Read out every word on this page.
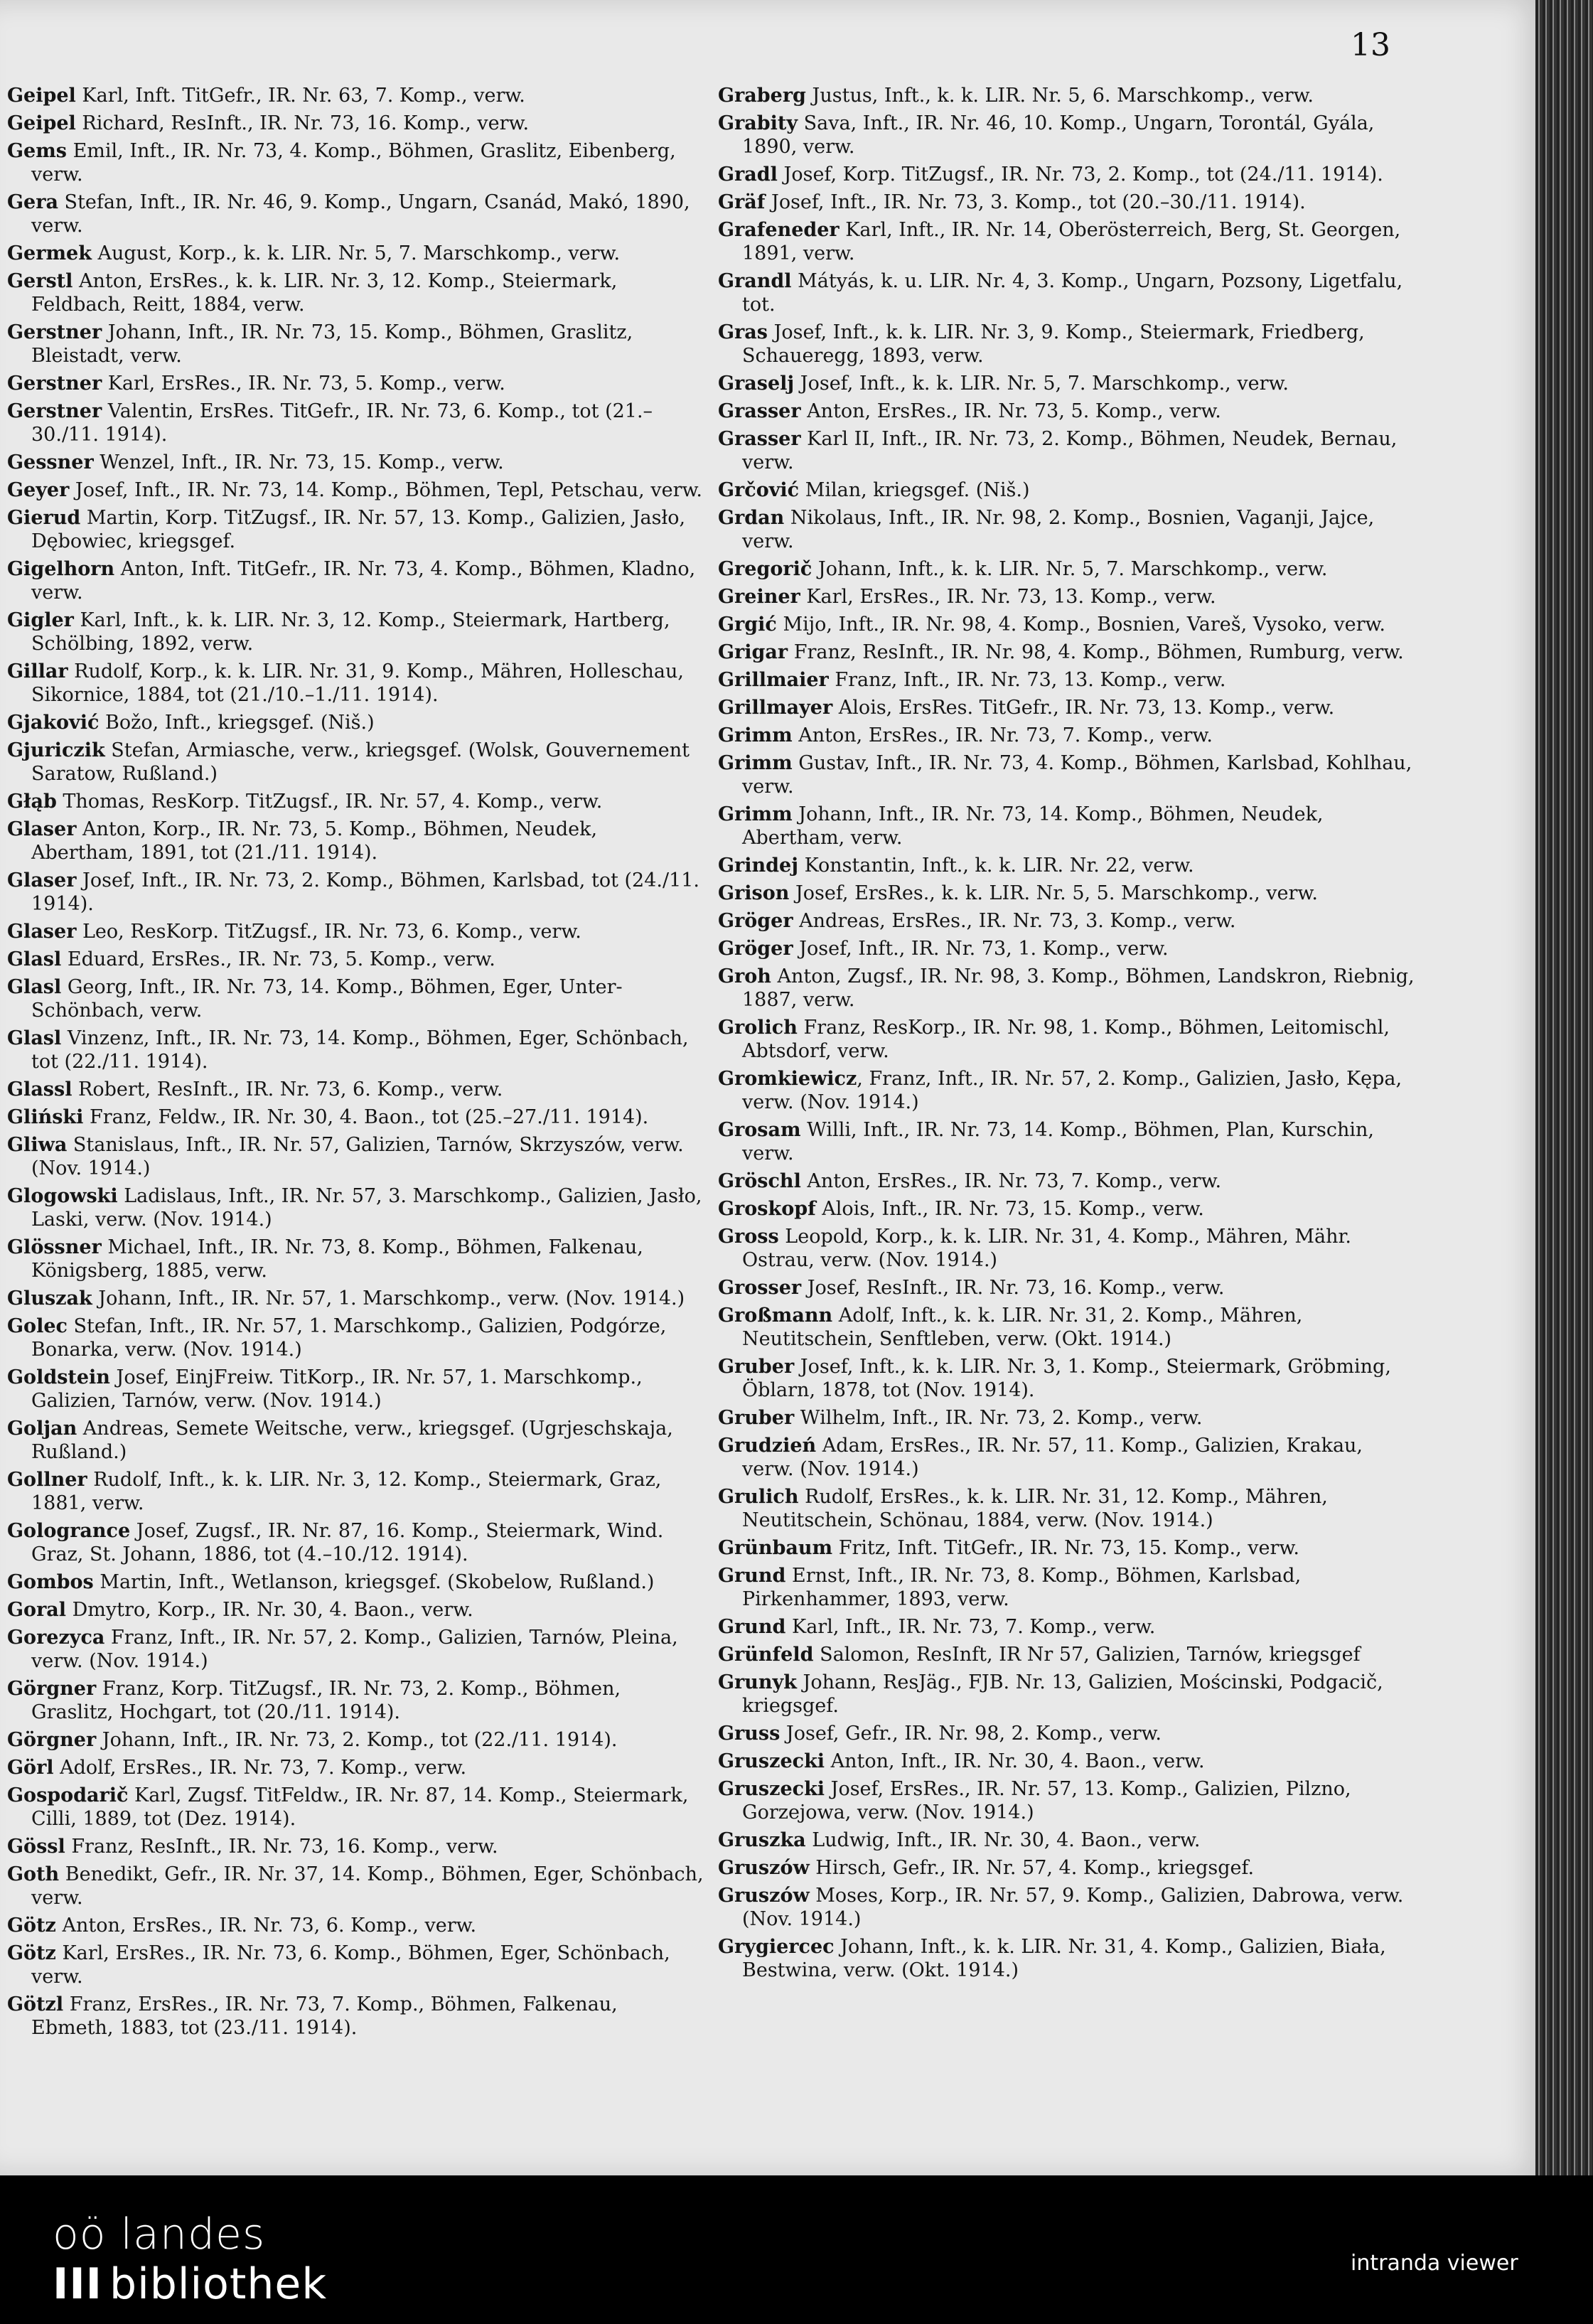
13
Geipel Karl, Inft. TitGefr., IR. Nr. 63, 7. Komp., verw.
Geipel Richard, ResInft., IR. Nr. 73, 16. Komp., verw.
Gems Emil, Inft., IR. Nr. 73, 4. Komp., Böhmen, Graslitz, Eibenberg, verw.
Gera Stefan, Inft., IR. Nr. 46, 9. Komp., Ungarn, Csanád, Makó, 1890, verw.
Germek August, Korp., k. k. LIR. Nr. 5, 7. Marschkomp., verw.
Gerstl Anton, ErsRes., k. k. LIR. Nr. 3, 12. Komp., Steiermark, Feldbach, Reitt, 1884, verw.
Gerstner Johann, Inft., IR. Nr. 73, 15. Komp., Böhmen, Graslitz, Bleistadt, verw.
Gerstner Karl, ErsRes., IR. Nr. 73, 5. Komp., verw.
Gerstner Valentin, ErsRes. TitGefr., IR. Nr. 73, 6. Komp., tot (21.–30./11. 1914).
Gessner Wenzel, Inft., IR. Nr. 73, 15. Komp., verw.
Geyer Josef, Inft., IR. Nr. 73, 14. Komp., Böhmen, Tepl, Petschau, verw.
Gierud Martin, Korp. TitZugsf., IR. Nr. 57, 13. Komp., Galizien, Jasło, Dębowiec, kriegsgef.
Gigelhorn Anton, Inft. TitGefr., IR. Nr. 73, 4. Komp., Böhmen, Kladno, verw.
Gigler Karl, Inft., k. k. LIR. Nr. 3, 12. Komp., Steiermark, Hartberg, Schölbing, 1892, verw.
Gillar Rudolf, Korp., k. k. LIR. Nr. 31, 9. Komp., Mähren, Holleschau, Sikornice, 1884, tot (21./10.–1./11. 1914).
Gjaković Božo, Inft., kriegsgef. (Niš.)
Gjuriczik Stefan, Armiasche, verw., kriegsgef. (Wolsk, Gouvernement Saratow, Rußland.)
Głąb Thomas, ResKorp. TitZugsf., IR. Nr. 57, 4. Komp., verw.
Glaser Anton, Korp., IR. Nr. 73, 5. Komp., Böhmen, Neudek, Abertham, 1891, tot (21./11. 1914).
Glaser Josef, Inft., IR. Nr. 73, 2. Komp., Böhmen, Karlsbad, tot (24./11. 1914).
Glaser Leo, ResKorp. TitZugsf., IR. Nr. 73, 6. Komp., verw.
Glasl Eduard, ErsRes., IR. Nr. 73, 5. Komp., verw.
Glasl Georg, Inft., IR. Nr. 73, 14. Komp., Böhmen, Eger, Unter-Schönbach, verw.
Glasl Vinzenz, Inft., IR. Nr. 73, 14. Komp., Böhmen, Eger, Schönbach, tot (22./11. 1914).
Glassl Robert, ResInft., IR. Nr. 73, 6. Komp., verw.
Gliński Franz, Feldw., IR. Nr. 30, 4. Baon., tot (25.–27./11. 1914).
Gliwa Stanislaus, Inft., IR. Nr. 57, Galizien, Tarnów, Skrzyszów, verw. (Nov. 1914.)
Glogowski Ladislaus, Inft., IR. Nr. 57, 3. Marschkomp., Galizien, Jasło, Laski, verw. (Nov. 1914.)
Glössner Michael, Inft., IR. Nr. 73, 8. Komp., Böhmen, Falkenau, Königsberg, 1885, verw.
Gluszak Johann, Inft., IR. Nr. 57, 1. Marschkomp., verw. (Nov. 1914.)
Golec Stefan, Inft., IR. Nr. 57, 1. Marschkomp., Galizien, Podgórze, Bonarka, verw. (Nov. 1914.)
Goldstein Josef, EinjFreiw. TitKorp., IR. Nr. 57, 1. Marschkomp., Galizien, Tarnów, verw. (Nov. 1914.)
Goljan Andreas, Semete Weitsche, verw., kriegsgef. (Ugrjeschskaja, Rußland.)
Gollner Rudolf, Inft., k. k. LIR. Nr. 3, 12. Komp., Steiermark, Graz, 1881, verw.
Gologrance Josef, Zugsf., IR. Nr. 87, 16. Komp., Steiermark, Wind. Graz, St. Johann, 1886, tot (4.–10./12. 1914).
Gombos Martin, Inft., Wetlanson, kriegsgef. (Skobelow, Rußland.)
Goral Dmytro, Korp., IR. Nr. 30, 4. Baon., verw.
Gorezyca Franz, Inft., IR. Nr. 57, 2. Komp., Galizien, Tarnów, Pleina, verw. (Nov. 1914.)
Görgner Franz, Korp. TitZugsf., IR. Nr. 73, 2. Komp., Böhmen, Graslitz, Hochgart, tot (20./11. 1914).
Görgner Johann, Inft., IR. Nr. 73, 2. Komp., tot (22./11. 1914).
Görl Adolf, ErsRes., IR. Nr. 73, 7. Komp., verw.
Gospodarič Karl, Zugsf. TitFeldw., IR. Nr. 87, 14. Komp., Steiermark, Cilli, 1889, tot (Dez. 1914).
Gössl Franz, ResInft., IR. Nr. 73, 16. Komp., verw.
Goth Benedikt, Gefr., IR. Nr. 37, 14. Komp., Böhmen, Eger, Schönbach, verw.
Götz Anton, ErsRes., IR. Nr. 73, 6. Komp., verw.
Götz Karl, ErsRes., IR. Nr. 73, 6. Komp., Böhmen, Eger, Schönbach, verw.
Götzl Franz, ErsRes., IR. Nr. 73, 7. Komp., Böhmen, Falkenau, Ebmeth, 1883, tot (23./11. 1914).
Graberg Justus, Inft., k. k. LIR. Nr. 5, 6. Marschkomp., verw.
Grabity Sava, Inft., IR. Nr. 46, 10. Komp., Ungarn, Torontál, Gyála, 1890, verw.
Gradl Josef, Korp. TitZugsf., IR. Nr. 73, 2. Komp., tot (24./11. 1914).
Gräf Josef, Inft., IR. Nr. 73, 3. Komp., tot (20.–30./11. 1914).
Grafeneder Karl, Inft., IR. Nr. 14, Oberösterreich, Berg, St. Georgen, 1891, verw.
Grandl Mátyás, k. u. LIR. Nr. 4, 3. Komp., Ungarn, Pozsony, Ligetfalu, tot.
Gras Josef, Inft., k. k. LIR. Nr. 3, 9. Komp., Steiermark, Friedberg, Schaueregg, 1893, verw.
Graselj Josef, Inft., k. k. LIR. Nr. 5, 7. Marschkomp., verw.
Grasser Anton, ErsRes., IR. Nr. 73, 5. Komp., verw.
Grasser Karl II, Inft., IR. Nr. 73, 2. Komp., Böhmen, Neudek, Bernau, verw.
Grčović Milan, kriegsgef. (Niš.)
Grdan Nikolaus, Inft., IR. Nr. 98, 2. Komp., Bosnien, Vaganji, Jajce, verw.
Gregorič Johann, Inft., k. k. LIR. Nr. 5, 7. Marschkomp., verw.
Greiner Karl, ErsRes., IR. Nr. 73, 13. Komp., verw.
Grgić Mijo, Inft., IR. Nr. 98, 4. Komp., Bosnien, Vareš, Vysoko, verw.
Grigar Franz, ResInft., IR. Nr. 98, 4. Komp., Böhmen, Rumburg, verw.
Grillmaier Franz, Inft., IR. Nr. 73, 13. Komp., verw.
Grillmayer Alois, ErsRes. TitGefr., IR. Nr. 73, 13. Komp., verw.
Grimm Anton, ErsRes., IR. Nr. 73, 7. Komp., verw.
Grimm Gustav, Inft., IR. Nr. 73, 4. Komp., Böhmen, Karlsbad, Kohlhau, verw.
Grimm Johann, Inft., IR. Nr. 73, 14. Komp., Böhmen, Neudek, Abertham, verw.
Grindej Konstantin, Inft., k. k. LIR. Nr. 22, verw.
Grison Josef, ErsRes., k. k. LIR. Nr. 5, 5. Marschkomp., verw.
Gröger Andreas, ErsRes., IR. Nr. 73, 3. Komp., verw.
Gröger Josef, Inft., IR. Nr. 73, 1. Komp., verw.
Groh Anton, Zugsf., IR. Nr. 98, 3. Komp., Böhmen, Landskron, Riebnig, 1887, verw.
Grolich Franz, ResKorp., IR. Nr. 98, 1. Komp., Böhmen, Leitomischl, Abtsdorf, verw.
Gromkiewicz, Franz, Inft., IR. Nr. 57, 2. Komp., Galizien, Jasło, Kępa, verw. (Nov. 1914.)
Grosam Willi, Inft., IR. Nr. 73, 14. Komp., Böhmen, Plan, Kurschin, verw.
Gröschl Anton, ErsRes., IR. Nr. 73, 7. Komp., verw.
Groskopf Alois, Inft., IR. Nr. 73, 15. Komp., verw.
Gross Leopold, Korp., k. k. LIR. Nr. 31, 4. Komp., Mähren, Mähr. Ostrau, verw. (Nov. 1914.)
Grosser Josef, ResInft., IR. Nr. 73, 16. Komp., verw.
Großmann Adolf, Inft., k. k. LIR. Nr. 31, 2. Komp., Mähren, Neutitschein, Senftleben, verw. (Okt. 1914.)
Gruber Josef, Inft., k. k. LIR. Nr. 3, 1. Komp., Steiermark, Gröbming, Öblarn, 1878, tot (Nov. 1914).
Gruber Wilhelm, Inft., IR. Nr. 73, 2. Komp., verw.
Grudzień Adam, ErsRes., IR. Nr. 57, 11. Komp., Galizien, Krakau, verw. (Nov. 1914.)
Grulich Rudolf, ErsRes., k. k. LIR. Nr. 31, 12. Komp., Mähren, Neutitschein, Schönau, 1884, verw. (Nov. 1914.)
Grünbaum Fritz, Inft. TitGefr., IR. Nr. 73, 15. Komp., verw.
Grund Ernst, Inft., IR. Nr. 73, 8. Komp., Böhmen, Karlsbad, Pirkenhammer, 1893, verw.
Grund Karl, Inft., IR. Nr. 73, 7. Komp., verw.
Grünfeld Salomon, ResInft, IR Nr 57, Galizien, Tarnów, kriegsgef
Grunyk Johann, ResJäg., FJB. Nr. 13, Galizien, Mościnski, Podgacič, kriegsgef.
Gruss Josef, Gefr., IR. Nr. 98, 2. Komp., verw.
Gruszecki Anton, Inft., IR. Nr. 30, 4. Baon., verw.
Gruszecki Josef, ErsRes., IR. Nr. 57, 13. Komp., Galizien, Pilzno, Gorzejowa, verw. (Nov. 1914.)
Gruszka Ludwig, Inft., IR. Nr. 30, 4. Baon., verw.
Gruszów Hirsch, Gefr., IR. Nr. 57, 4. Komp., kriegsgef.
Gruszów Moses, Korp., IR. Nr. 57, 9. Komp., Galizien, Dabrowa, verw. (Nov. 1914.)
Grygiercec Johann, Inft., k. k. LIR. Nr. 31, 4. Komp., Galizien, Biała, Bestwina, verw. (Okt. 1914.)
oö landes
III bibliothek	intranda viewer
